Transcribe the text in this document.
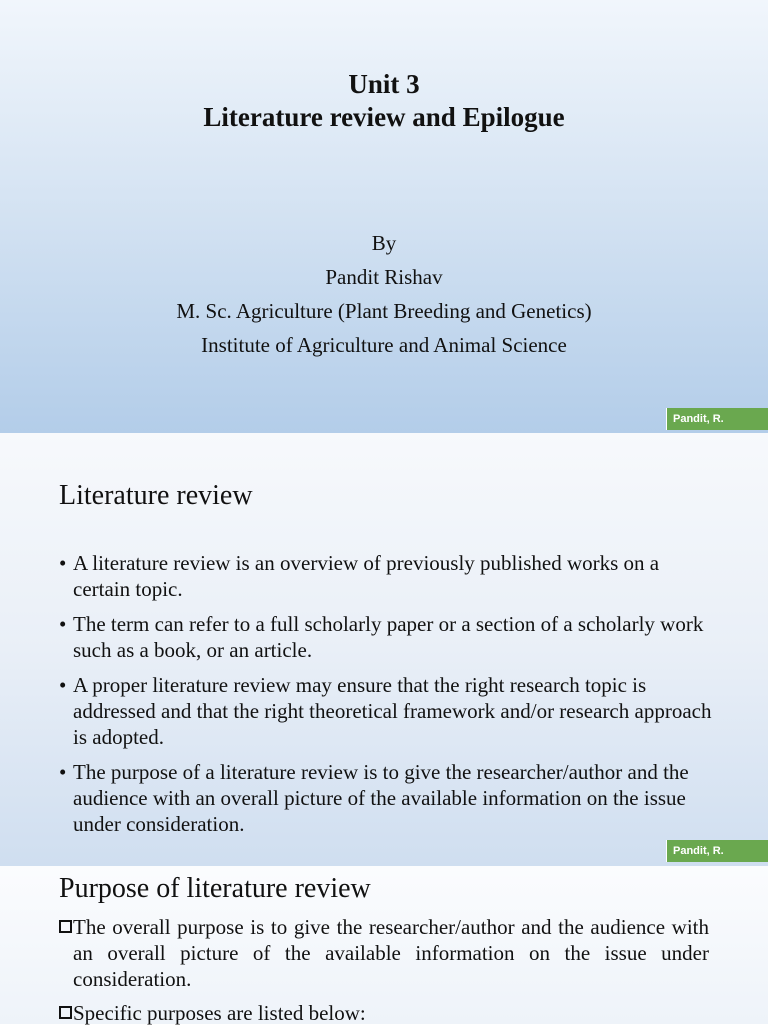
Unit 3
Literature review and Epilogue
By
Pandit Rishav
M. Sc. Agriculture (Plant Breeding and Genetics)
Institute of Agriculture and Animal Science
Pandit, R.
Pandit, R.
Literature review
• A literature review is an overview of previously published works on a certain topic.
• The term can refer to a full scholarly paper or a section of a scholarly work such as a book, or an article.
• A proper literature review may ensure that the right research topic is addressed and that the right theoretical framework and/or research approach is adopted.
• The purpose of a literature review is to give the researcher/author and the audience with an overall picture of the available information on the issue under consideration.
Purpose of literature review
The overall purpose is to give the researcher/author and the audience with an overall picture of the available information on the issue under consideration.
Specific purposes are listed below:
